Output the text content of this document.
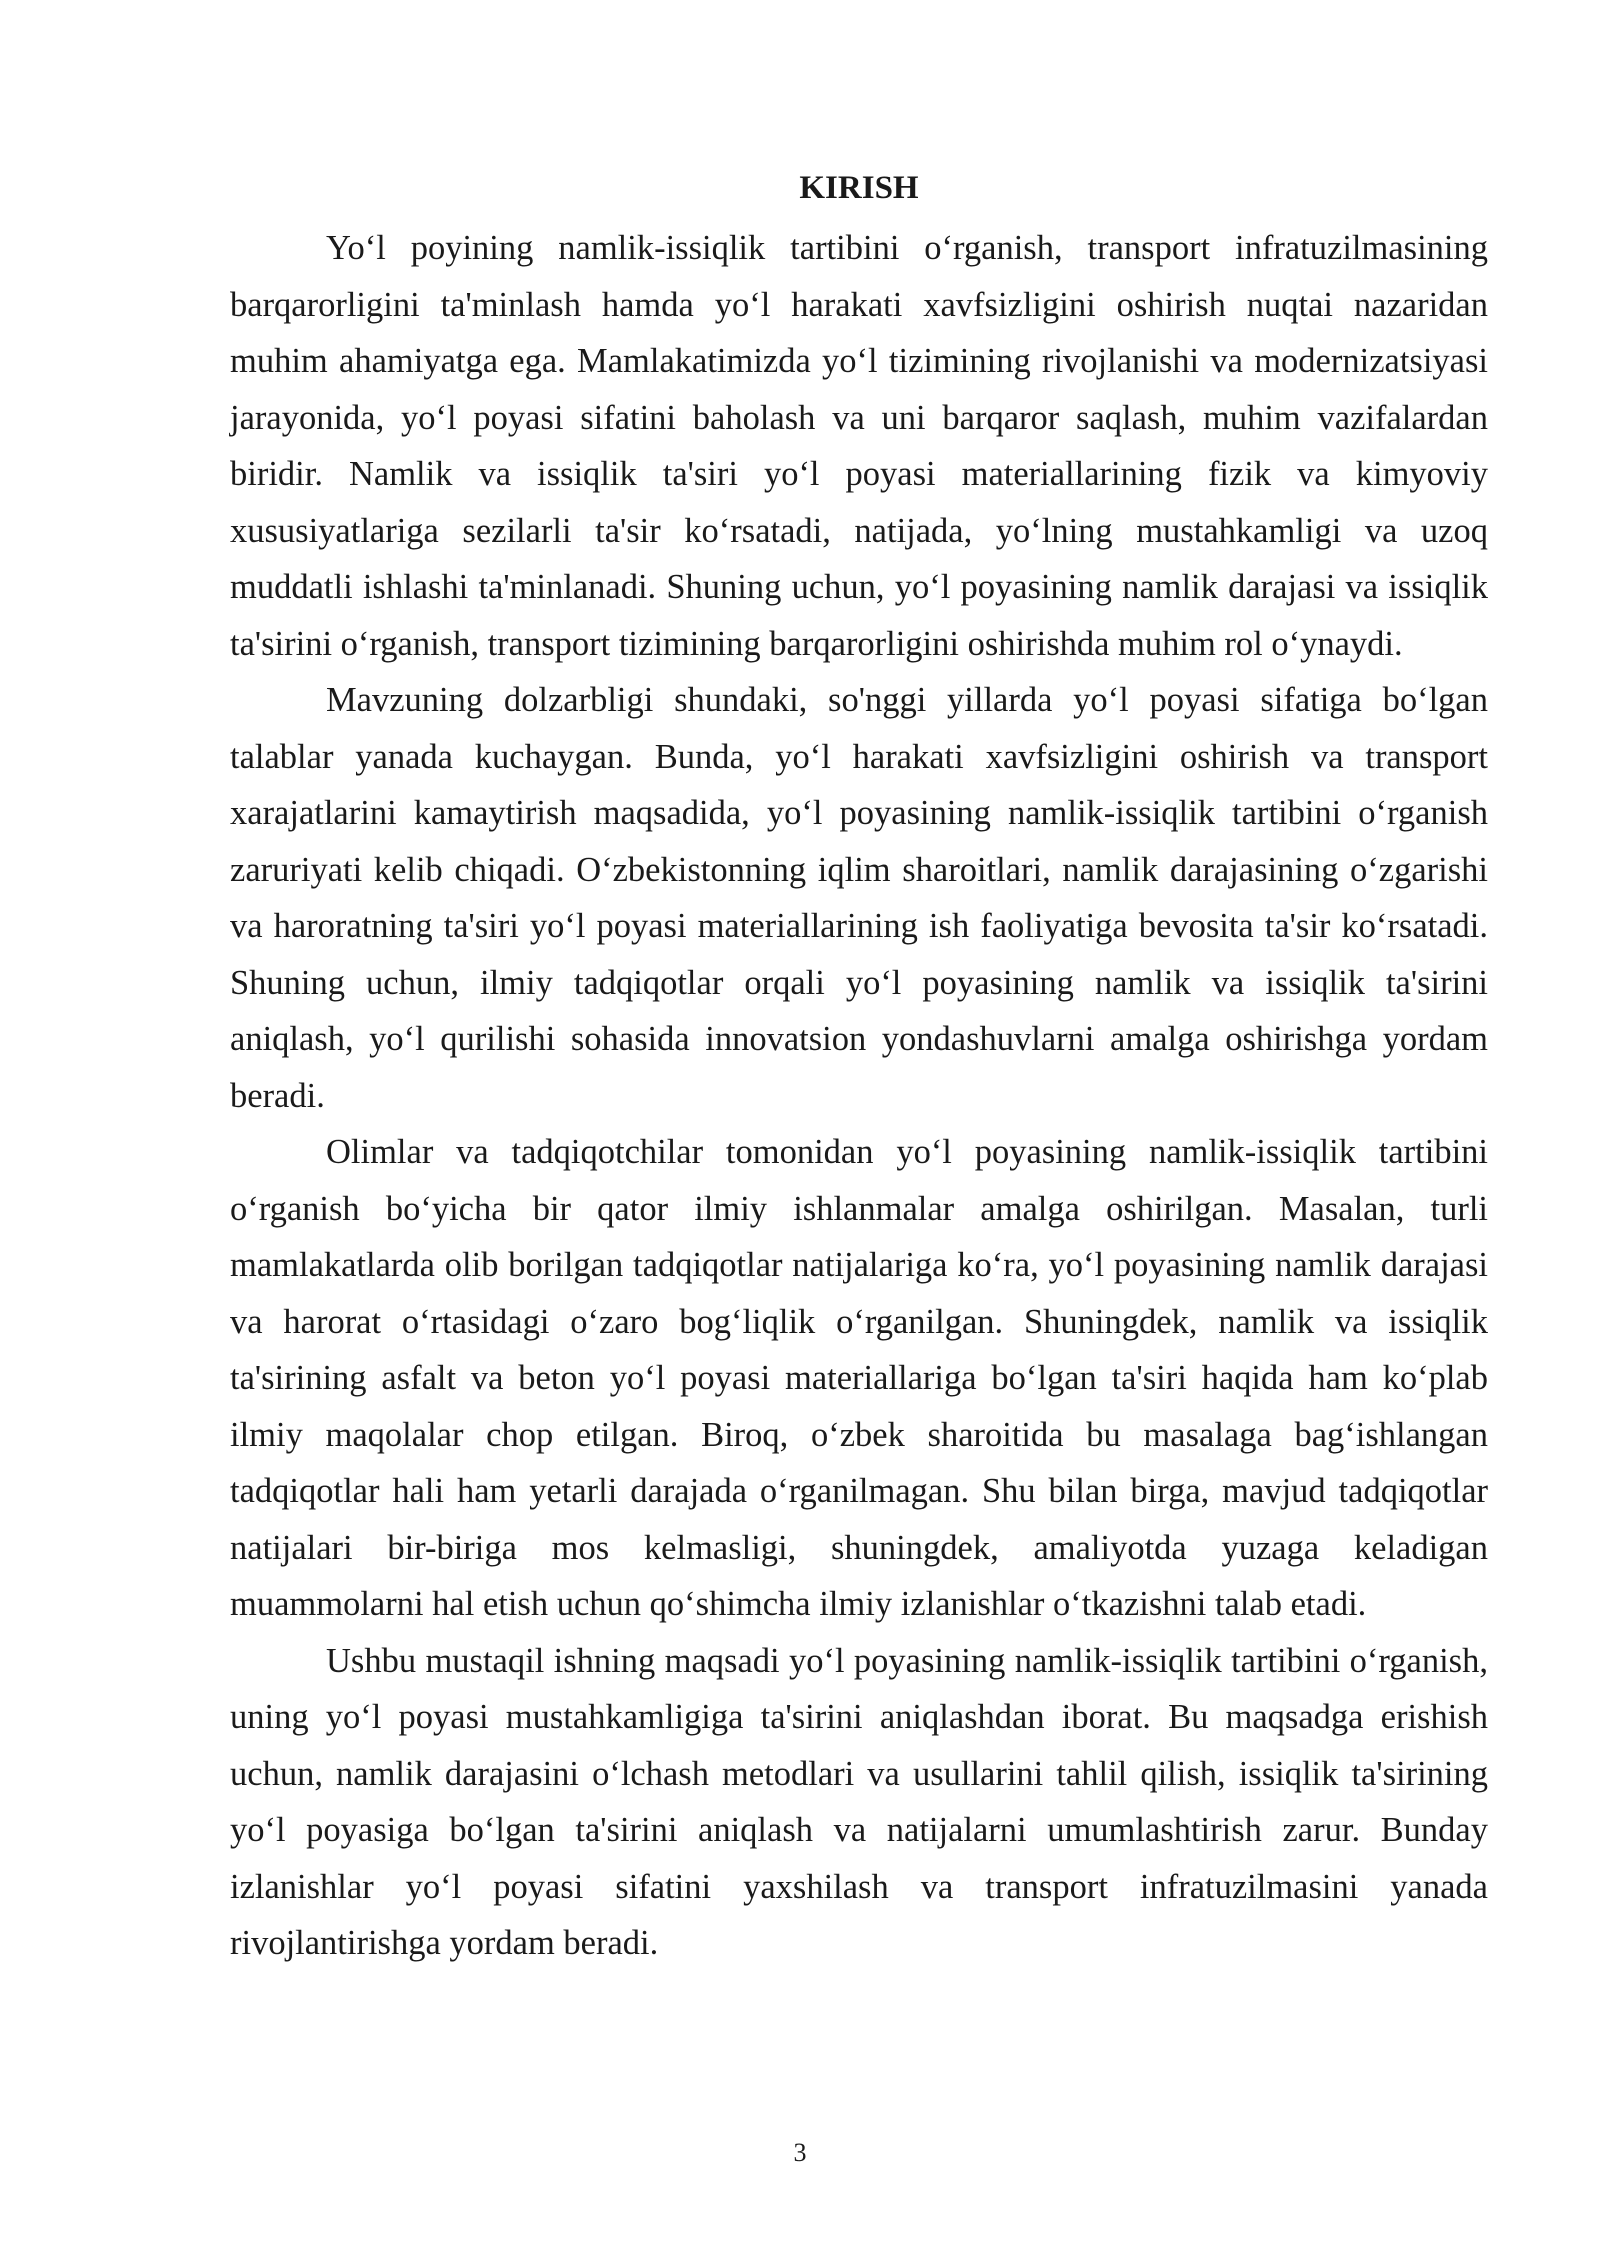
KIRISH

Yo‘l poyining namlik-issiqlik tartibini o‘rganish, transport infratuzilmasining barqarorligini ta'minlash hamda yo‘l harakati xavfsizligini oshirish nuqtai nazaridan muhim ahamiyatga ega. Mamlakatimizda yo‘l tizimining rivojlanishi va modernizatsiyasi jarayonida, yo‘l poyasi sifatini baholash va uni barqaror saqlash, muhim vazifalardan biridir. Namlik va issiqlik ta'siri yo‘l poyasi materiallarining fizik va kimyoviy xususiyatlariga sezilarli ta'sir ko‘rsatadi, natijada, yo‘lning mustahkamligi va uzoq muddatli ishlashi ta'minlanadi. Shuning uchun, yo‘l poyasining namlik darajasi va issiqlik ta'sirini o‘rganish, transport tizimining barqarorligini oshirishda muhim rol o‘ynaydi.

Mavzuning dolzarbligi shundaki, so'nggi yillarda yo‘l poyasi sifatiga bo‘lgan talablar yanada kuchaygan. Bunda, yo‘l harakati xavfsizligini oshirish va transport xarajatlarini kamaytirish maqsadida, yo‘l poyasining namlik-issiqlik tartibini o‘rganish zaruriyati kelib chiqadi. O‘zbekistonning iqlim sharoitlari, namlik darajasining o‘zgarishi va haroratning ta'siri yo‘l poyasi materiallarining ish faoliyatiga bevosita ta'sir ko‘rsatadi. Shuning uchun, ilmiy tadqiqotlar orqali yo‘l poyasining namlik va issiqlik ta'sirini aniqlash, yo‘l qurilishi sohasida innovatsion yondashuvlarni amalga oshirishga yordam beradi.

Olimlar va tadqiqotchilar tomonidan yo‘l poyasining namlik-issiqlik tartibini o‘rganish bo‘yicha bir qator ilmiy ishlanmalar amalga oshirilgan. Masalan, turli mamlakatlarda olib borilgan tadqiqotlar natijalariga ko‘ra, yo‘l poyasining namlik darajasi va harorat o‘rtasidagi o‘zaro bog‘liqlik o‘rganilgan. Shuningdek, namlik va issiqlik ta'sirining asfalt va beton yo‘l poyasi materiallariga bo‘lgan ta'siri haqida ham ko‘plab ilmiy maqolalar chop etilgan. Biroq, o‘zbek sharoitida bu masalaga bag‘ishlangan tadqiqotlar hali ham yetarli darajada o‘rganilmagan. Shu bilan birga, mavjud tadqiqotlar natijalari bir-biriga mos kelmasligi, shuningdek, amaliyotda yuzaga keladigan muammolarni hal etish uchun qo‘shimcha ilmiy izlanishlar o‘tkazishni talab etadi.

Ushbu mustaqil ishning maqsadi yo‘l poyasining namlik-issiqlik tartibini o‘rganish, uning yo‘l poyasi mustahkamligiga ta'sirini aniqlashdan iborat. Bu maqsadga erishish uchun, namlik darajasini o‘lchash metodlari va usullarini tahlil qilish, issiqlik ta'sirining yo‘l poyasiga bo‘lgan ta'sirini aniqlash va natijalarni umumlashtirish zarur. Bunday izlanishlar yo‘l poyasi sifatini yaxshilash va transport infratuzilmasini yanada rivojlantirishga yordam beradi.

3
